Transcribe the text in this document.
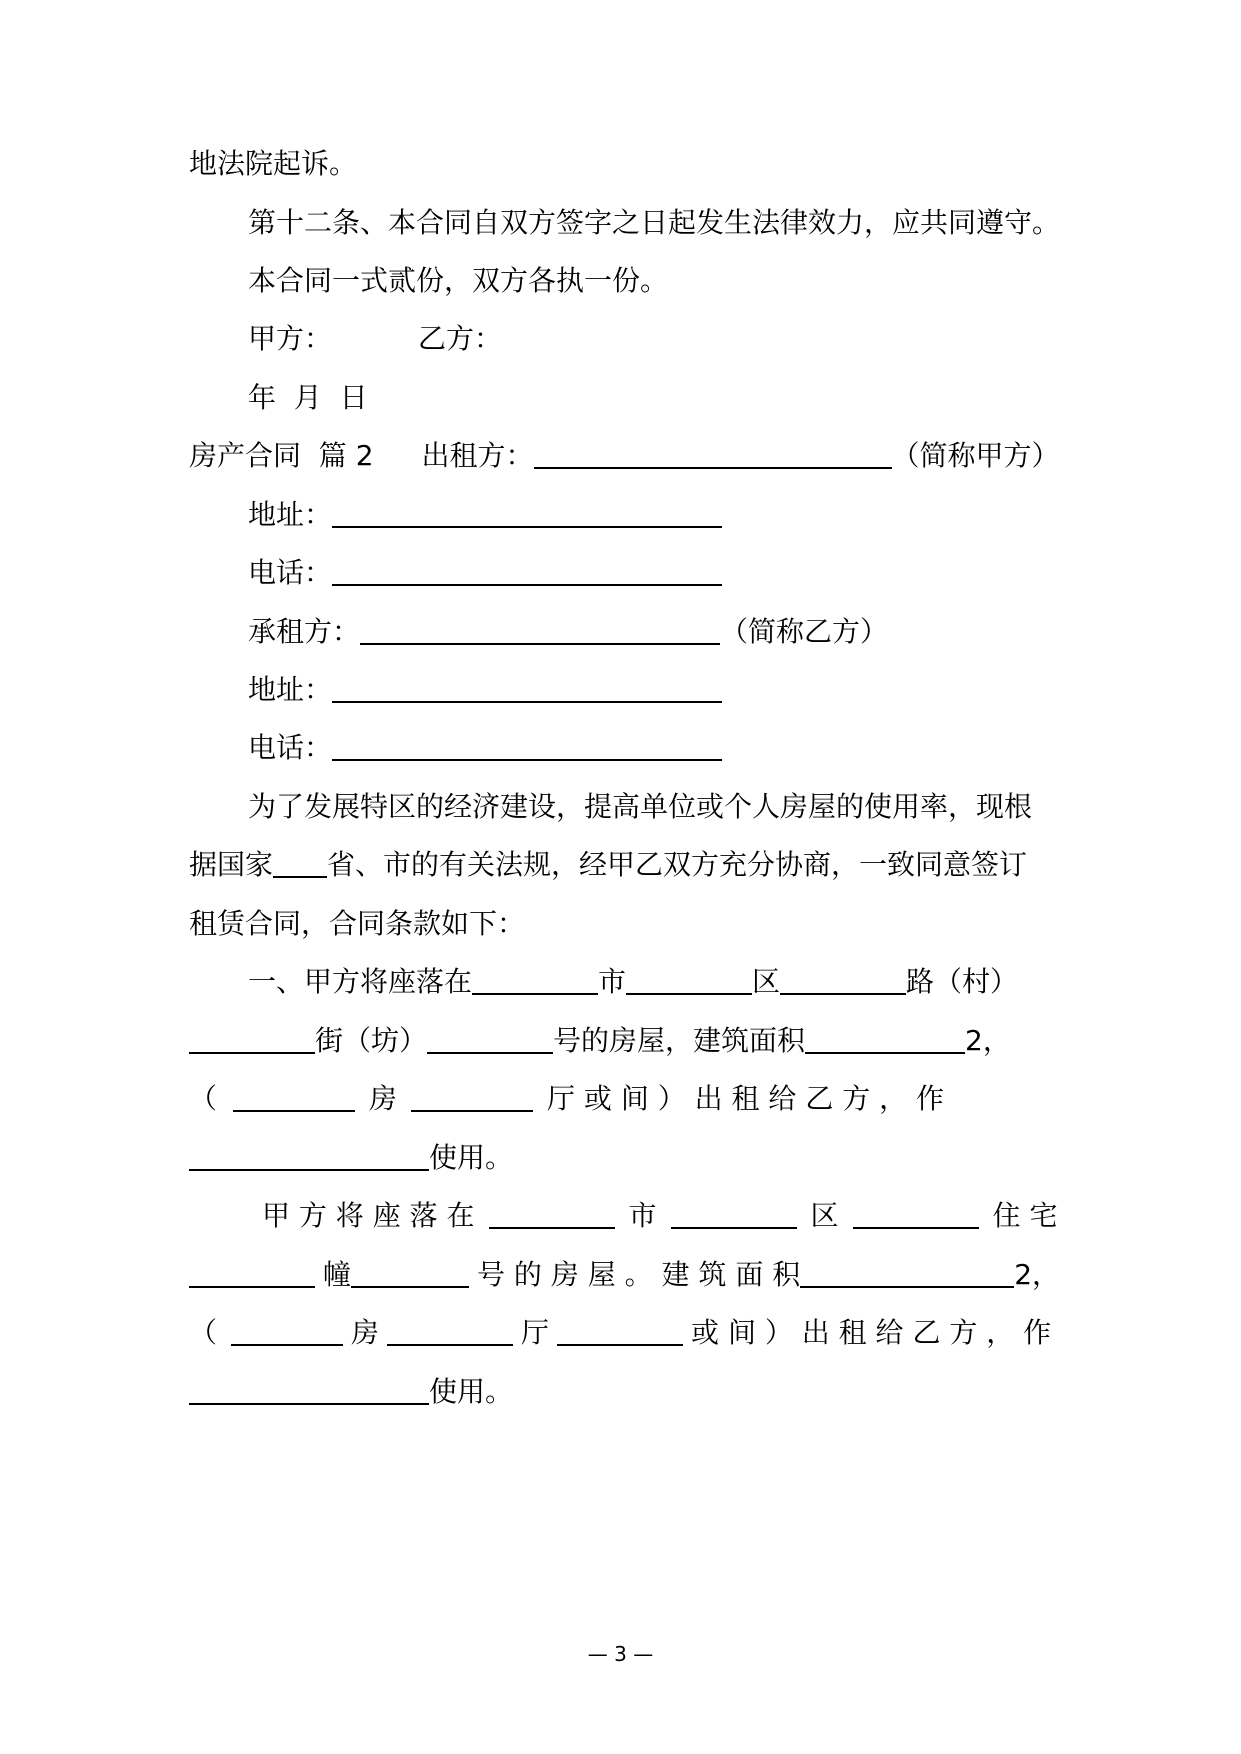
地法院起诉。
第十二条、本合同自双方签字之日起发生法律效力，应共同遵守。
本合同一式贰份，双方各执一份。
甲方：	乙方：
年  月  日
房产合同  篇 2 出租方：	（简称甲方）
地址：
电话：
承租方：	（简称乙方）
地址：
电话：
为了发展特区的经济建设，提高单位或个人房屋的使用率，现根
据国家 省、市的有关法规，经甲乙双方充分协商，一致同意签订
租赁合同，合同条款如下：
一、甲方将座落在	市	区	路（村）
街（坊）	号的房屋，建筑面积	2，
（	房	厅 或 间 ） 出 租 给 乙 方 ， 作
使用。
甲 方 将 座 落 在	市	区	住 宅
幢	号 的 房 屋 。 建 筑 面 积	2，
（	房	厅	或 间 ） 出 租 给 乙 方 ， 作
使用。
— 3 —
